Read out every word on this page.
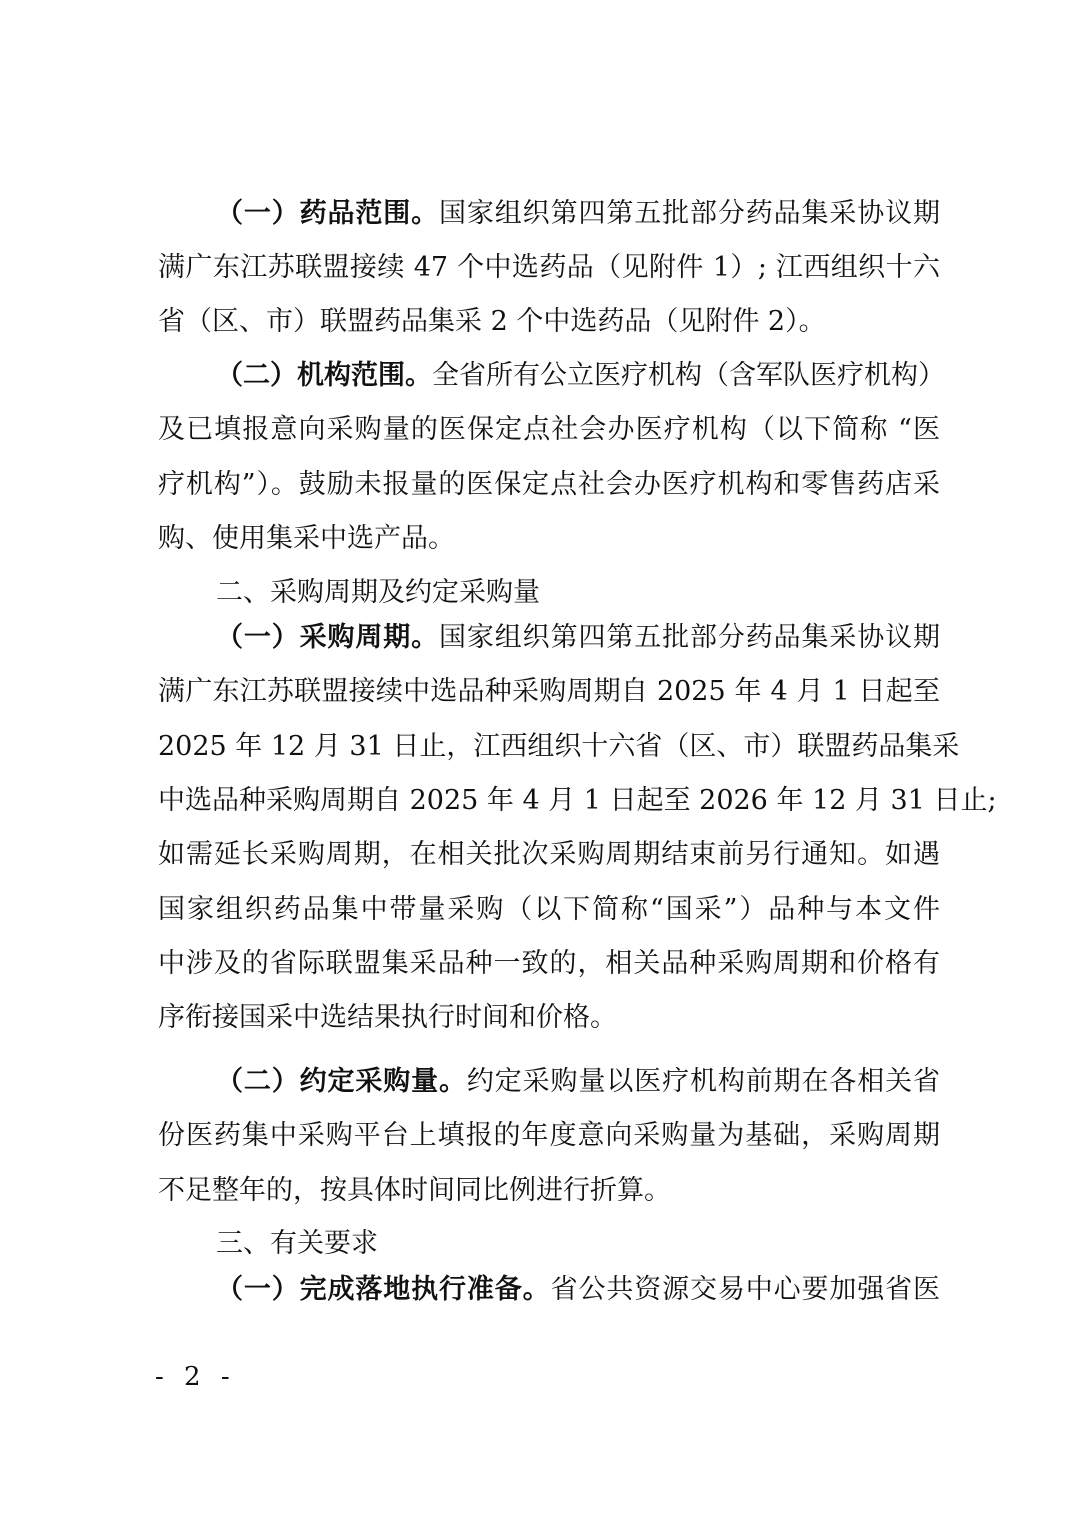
（一）药品范围。国家组织第四第五批部分药品集采协议期
满广东江苏联盟接续 47 个中选药品（见附件 1）; 江西组织十六
省（区、市）联盟药品集采 2 个中选药品（见附件 2）。
（二）机构范围。全省所有公立医疗机构（含军队医疗机构）
及已填报意向采购量的医保定点社会办医疗机构（以下简称 “医
疗机构”）。鼓励未报量的医保定点社会办医疗机构和零售药店采
购、使用集采中选产品。
二、采购周期及约定采购量
（一）采购周期。国家组织第四第五批部分药品集采协议期
满广东江苏联盟接续中选品种采购周期自 2025 年 4 月 1 日起至
2025 年 12 月 31 日止，江西组织十六省（区、市）联盟药品集采
中选品种采购周期自 2025 年 4 月 1 日起至 2026 年 12 月 31 日止;
如需延长采购周期，在相关批次采购周期结束前另行通知。如遇
国家组织药品集中带量采购（以下简称“国采”）品种与本文件
中涉及的省际联盟集采品种一致的，相关品种采购周期和价格有
序衔接国采中选结果执行时间和价格。
（二）约定采购量。约定采购量以医疗机构前期在各相关省
份医药集中采购平台上填报的年度意向采购量为基础，采购周期
不足整年的，按具体时间同比例进行折算。
三、有关要求
（一）完成落地执行准备。省公共资源交易中心要加强省医
- 2 -
